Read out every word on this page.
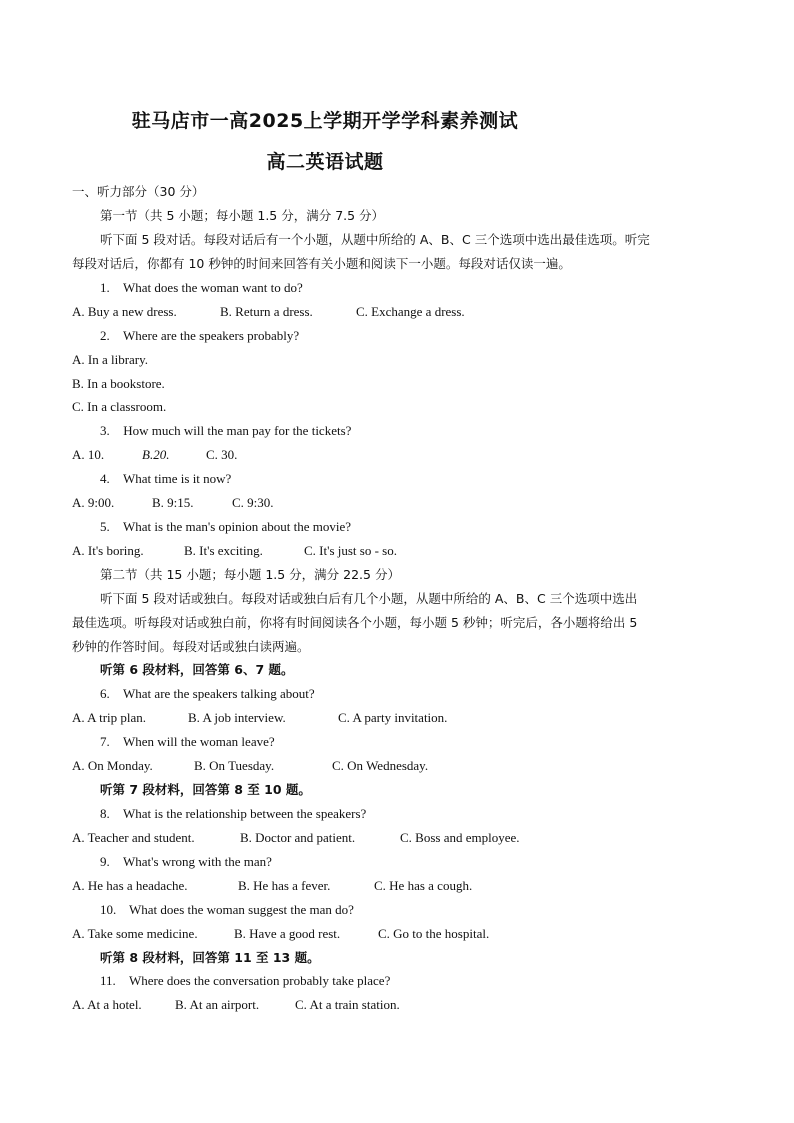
驻马店市一高2025上学期开学学科素养测试
高二英语试题
一、听力部分（30 分）
第一节（共 5 小题；每小题 1.5 分，满分 7.5 分）
听下面 5 段对话。每段对话后有一个小题，从题中所给的 A、B、C 三个选项中选出最佳选项。听完
每段对话后，你都有 10 秒钟的时间来回答有关小题和阅读下一小题。每段对话仅读一遍。
1. What does the woman want to do?
A. Buy a new dress.	B. Return a dress.	C. Exchange a dress.
2. Where are the speakers probably?
A. In a library.
B. In a bookstore.
C. In a classroom.
3. How much will the man pay for the tickets?
A. 10.	B.20.	C. 30.
4. What time is it now?
A. 9:00.	B. 9:15.	C. 9:30.
5. What is the man's opinion about the movie?
A. It's boring.	B. It's exciting.	C. It's just so - so.
第二节（共 15 小题；每小题 1.5 分，满分 22.5 分）
听下面 5 段对话或独白。每段对话或独白后有几个小题，从题中所给的 A、B、C 三个选项中选出
最佳选项。听每段对话或独白前，你将有时间阅读各个小题，每小题 5 秒钟；听完后，各小题将给出 5
秒钟的作答时间。每段对话或独白读两遍。
听第 6 段材料，回答第 6、7 题。
6. What are the speakers talking about?
A. A trip plan.	B. A job interview.	C. A party invitation.
7. When will the woman leave?
A. On Monday.	B. On Tuesday.	C. On Wednesday.
听第 7 段材料，回答第 8 至 10 题。
8. What is the relationship between the speakers?
A. Teacher and student.	B. Doctor and patient.	C. Boss and employee.
9. What's wrong with the man?
A. He has a headache.	B. He has a fever.	C. He has a cough.
10. What does the woman suggest the man do?
A. Take some medicine.	B. Have a good rest.	C. Go to the hospital.
听第 8 段材料，回答第 11 至 13 题。
11. Where does the conversation probably take place?
A. At a hotel.	B. At an airport.	C. At a train station.
